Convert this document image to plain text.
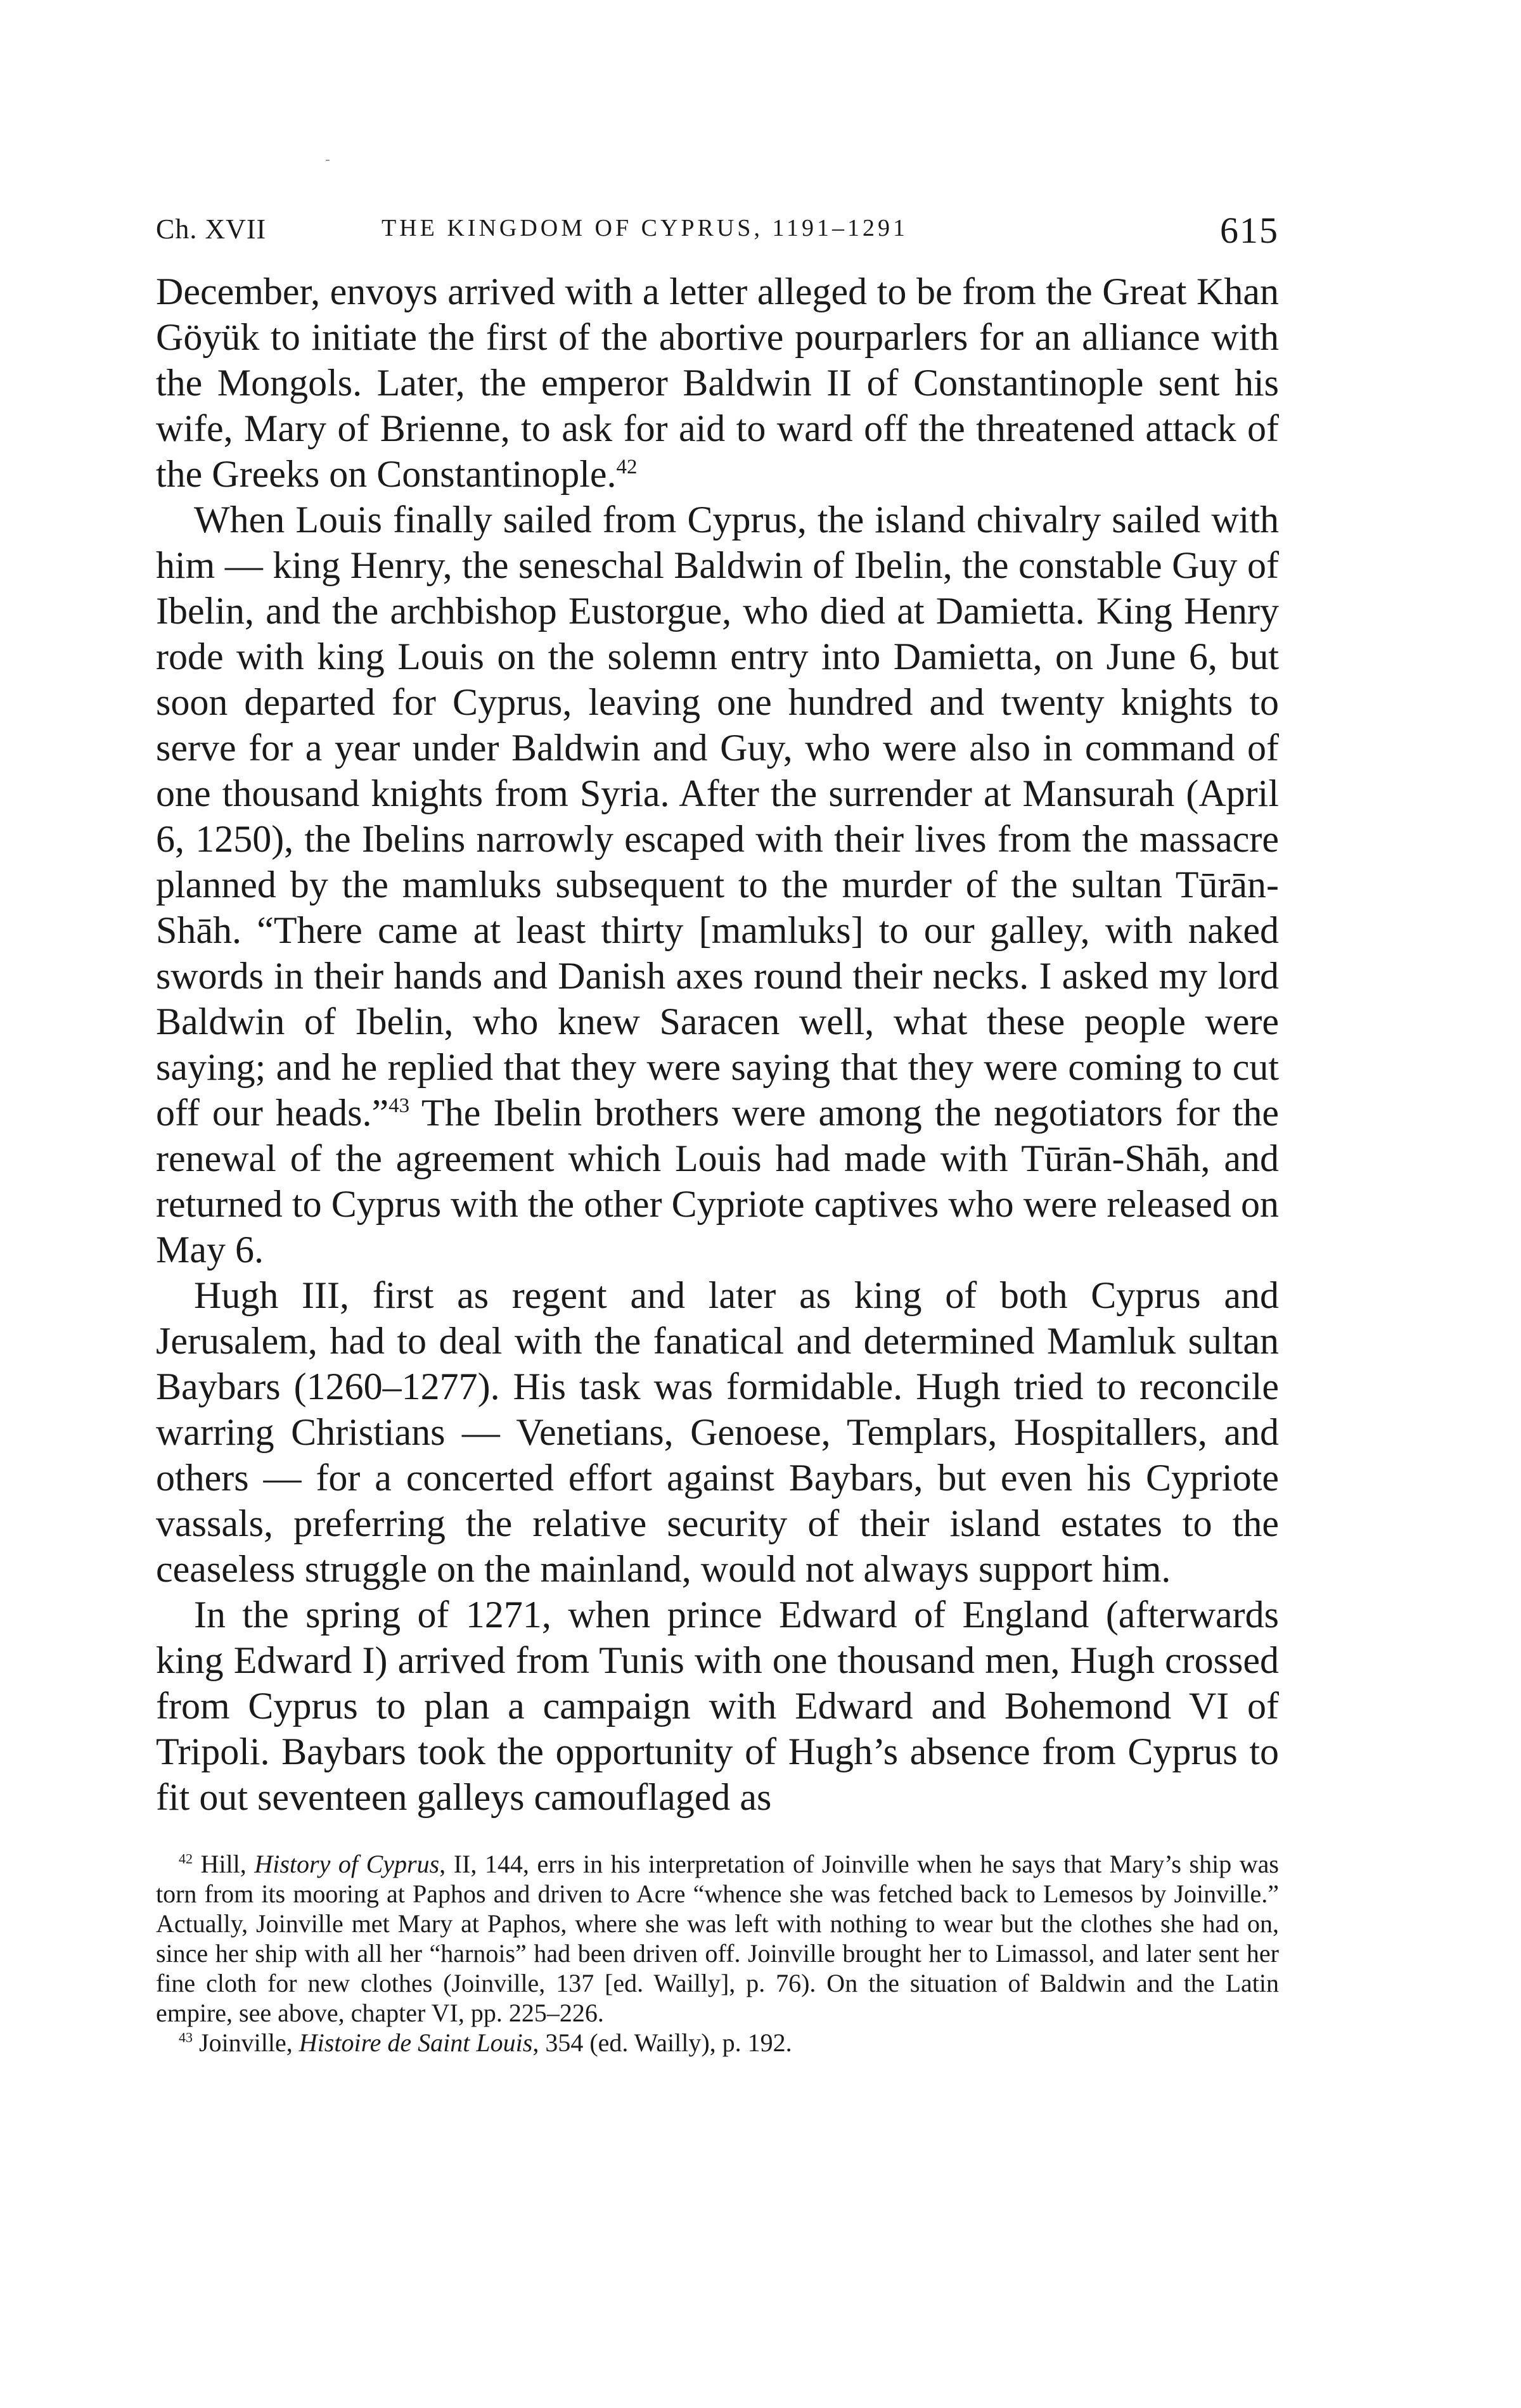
Ch. XVII	THE KINGDOM OF CYPRUS, 1191–1291	615

December, envoys arrived with a letter alleged to be from the Great Khan Göyük to initiate the first of the abortive pourparlers for an alliance with the Mongols. Later, the emperor Baldwin II of Constantinople sent his wife, Mary of Brienne, to ask for aid to ward off the threatened attack of the Greeks on Constantinople.$^{42}$

When Louis finally sailed from Cyprus, the island chivalry sailed with him — king Henry, the seneschal Baldwin of Ibelin, the constable Guy of Ibelin, and the archbishop Eustorgue, who died at Damietta. King Henry rode with king Louis on the solemn entry into Damietta, on June 6, but soon departed for Cyprus, leaving one hundred and twenty knights to serve for a year under Baldwin and Guy, who were also in command of one thousand knights from Syria. After the surrender at Mansurah (April 6, 1250), the Ibelins narrowly escaped with their lives from the massacre planned by the mamluks subsequent to the murder of the sultan Tūrān-Shāh. “There came at least thirty [mamluks] to our galley, with naked swords in their hands and Danish axes round their necks. I asked my lord Baldwin of Ibelin, who knew Saracen well, what these people were saying; and he replied that they were saying that they were coming to cut off our heads.”$^{43}$ The Ibelin brothers were among the negotiators for the renewal of the agreement which Louis had made with Tūrān-Shāh, and returned to Cyprus with the other Cypriote captives who were released on May 6.

Hugh III, first as regent and later as king of both Cyprus and Jerusalem, had to deal with the fanatical and determined Mamluk sultan Baybars (1260–1277). His task was formidable. Hugh tried to reconcile warring Christians — Venetians, Genoese, Templars, Hospitallers, and others — for a concerted effort against Baybars, but even his Cypriote vassals, preferring the relative security of their island estates to the ceaseless struggle on the mainland, would not always support him.

In the spring of 1271, when prince Edward of England (afterwards king Edward I) arrived from Tunis with one thousand men, Hugh crossed from Cyprus to plan a campaign with Edward and Bohemond VI of Tripoli. Baybars took the opportunity of Hugh’s absence from Cyprus to fit out seventeen galleys camouflaged as

$^{42}$ Hill, History of Cyprus, II, 144, errs in his interpretation of Joinville when he says that Mary’s ship was torn from its mooring at Paphos and driven to Acre “whence she was fetched back to Lemesos by Joinville.” Actually, Joinville met Mary at Paphos, where she was left with nothing to wear but the clothes she had on, since her ship with all her “harnois” had been driven off. Joinville brought her to Limassol, and later sent her fine cloth for new clothes (Joinville, 137 [ed. Wailly], p. 76). On the situation of Baldwin and the Latin empire, see above, chapter VI, pp. 225–226.

$^{43}$ Joinville, Histoire de Saint Louis, 354 (ed. Wailly), p. 192.
